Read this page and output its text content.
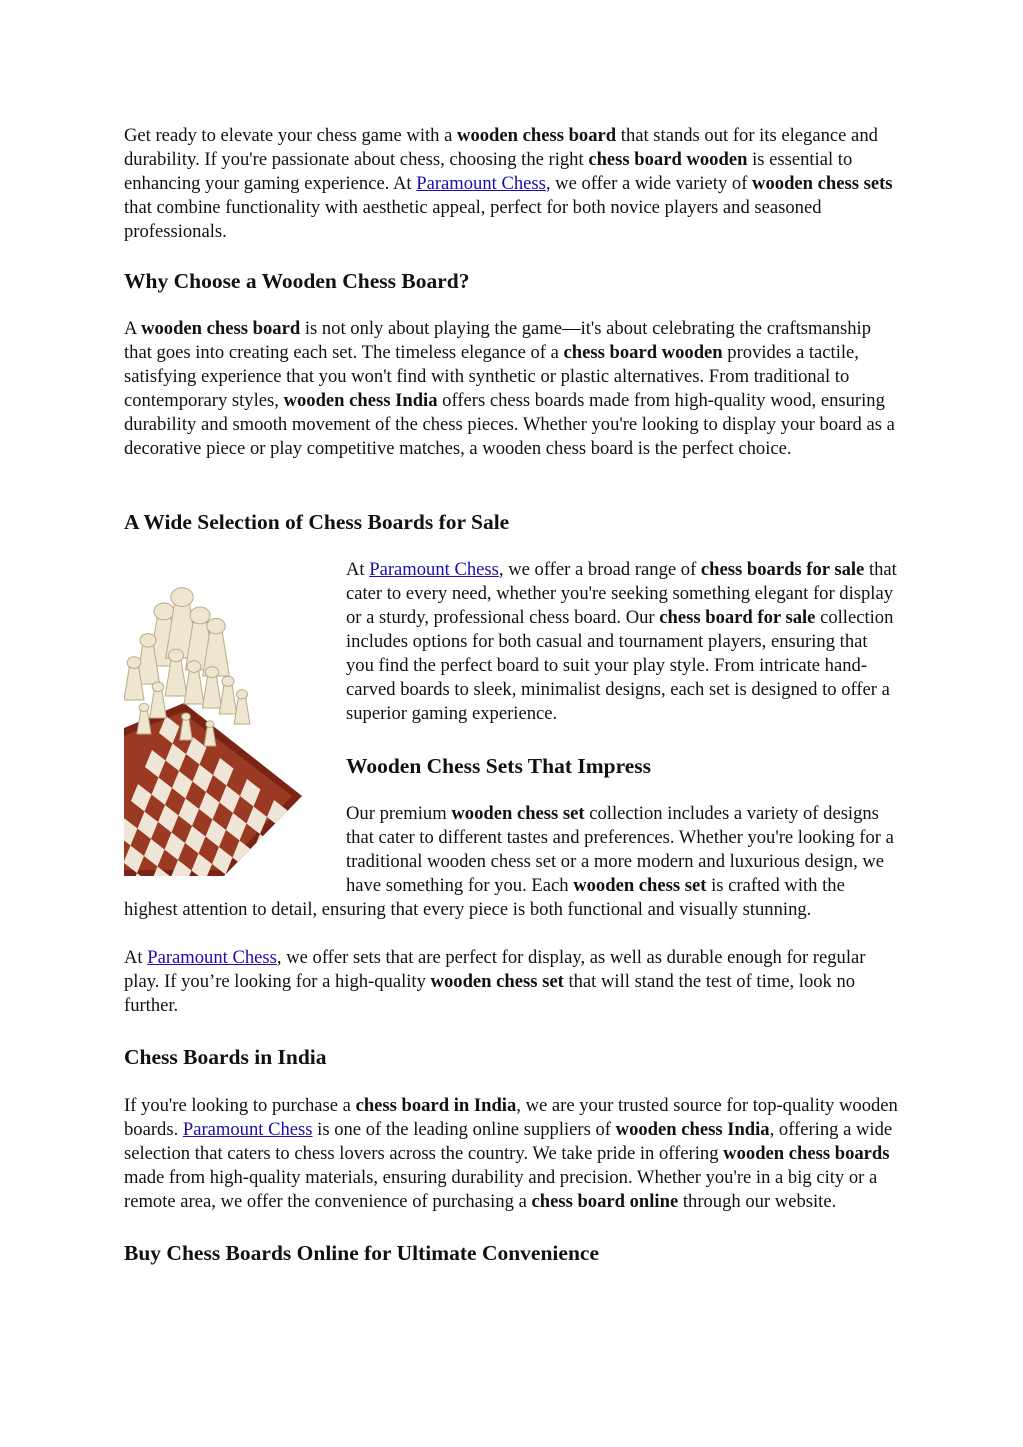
Get ready to elevate your chess game with a wooden chess board that stands out for its elegance and durability. If you're passionate about chess, choosing the right chess board wooden is essential to enhancing your gaming experience. At Paramount Chess, we offer a wide variety of wooden chess sets that combine functionality with aesthetic appeal, perfect for both novice players and seasoned professionals.

Why Choose a Wooden Chess Board?

A wooden chess board is not only about playing the game—it's about celebrating the craftsmanship that goes into creating each set. The timeless elegance of a chess board wooden provides a tactile, satisfying experience that you won't find with synthetic or plastic alternatives. From traditional to contemporary styles, wooden chess India offers chess boards made from high-quality wood, ensuring durability and smooth movement of the chess pieces. Whether you're looking to display your board as a decorative piece or play competitive matches, a wooden chess board is the perfect choice.

A Wide Selection of Chess Boards for Sale

At Paramount Chess, we offer a broad range of chess boards for sale that cater to every need, whether you're seeking something elegant for display or a sturdy, professional chess board. Our chess board for sale collection includes options for both casual and tournament players, ensuring that you find the perfect board to suit your play style. From intricate hand-carved boards to sleek, minimalist designs, each set is designed to offer a superior gaming experience.

Wooden Chess Sets That Impress

Our premium wooden chess set collection includes a variety of designs that cater to different tastes and preferences. Whether you're looking for a traditional wooden chess set or a more modern and luxurious design, we have something for you. Each wooden chess set is crafted with the highest attention to detail, ensuring that every piece is both functional and visually stunning.

At Paramount Chess, we offer sets that are perfect for display, as well as durable enough for regular play. If you’re looking for a high-quality wooden chess set that will stand the test of time, look no further.

Chess Boards in India

If you're looking to purchase a chess board in India, we are your trusted source for top-quality wooden boards. Paramount Chess is one of the leading online suppliers of wooden chess India, offering a wide selection that caters to chess lovers across the country. We take pride in offering wooden chess boards made from high-quality materials, ensuring durability and precision. Whether you're in a big city or a remote area, we offer the convenience of purchasing a chess board online through our website.

Buy Chess Boards Online for Ultimate Convenience
